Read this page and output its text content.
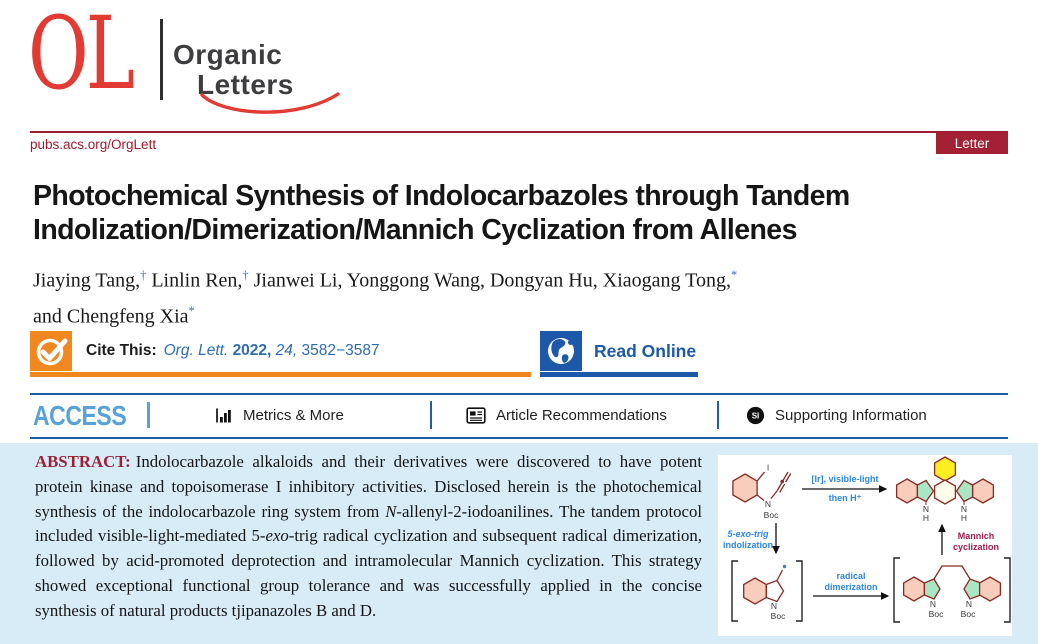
OL Organic
Letters
pubs.acs.org/OrgLett	Letter
Photochemical Synthesis of Indolocarbazoles through Tandem
Indolization/Dimerization/Mannich Cyclization from Allenes
Jiaying Tang,† Linlin Ren,† Jianwei Li, Yonggong Wang, Dongyan Hu, Xiaogang Tong,*
and Chengfeng Xia*
Cite This: Org. Lett. 2022, 24, 3582−3587	Read Online
ACCESS	Metrics & More	Article Recommendations	SI Supporting Information

ABSTRACT: Indolocarbazole alkaloids and their derivatives were discovered to have potent protein kinase and topoisomerase I inhibitory activities. Disclosed herein is the photochemical synthesis of the indolocarbazole ring system from N-allenyl-2-iodoanilines. The tandem protocol included visible-light-mediated 5-exo-trig radical cyclization and subsequent radical dimerization, followed by acid-promoted deprotection and intramolecular Mannich cyclization. This strategy showed exceptional functional group tolerance and was successfully applied in the concise synthesis of natural products tjipanazoles B and D.

I
N
Boc
[Ir], visible-light
then H⁺
N
H
N
H
5-exo-trig
indolization
Mannich
cyclization
N
Boc
radical
dimerization
N
Boc
N
Boc
